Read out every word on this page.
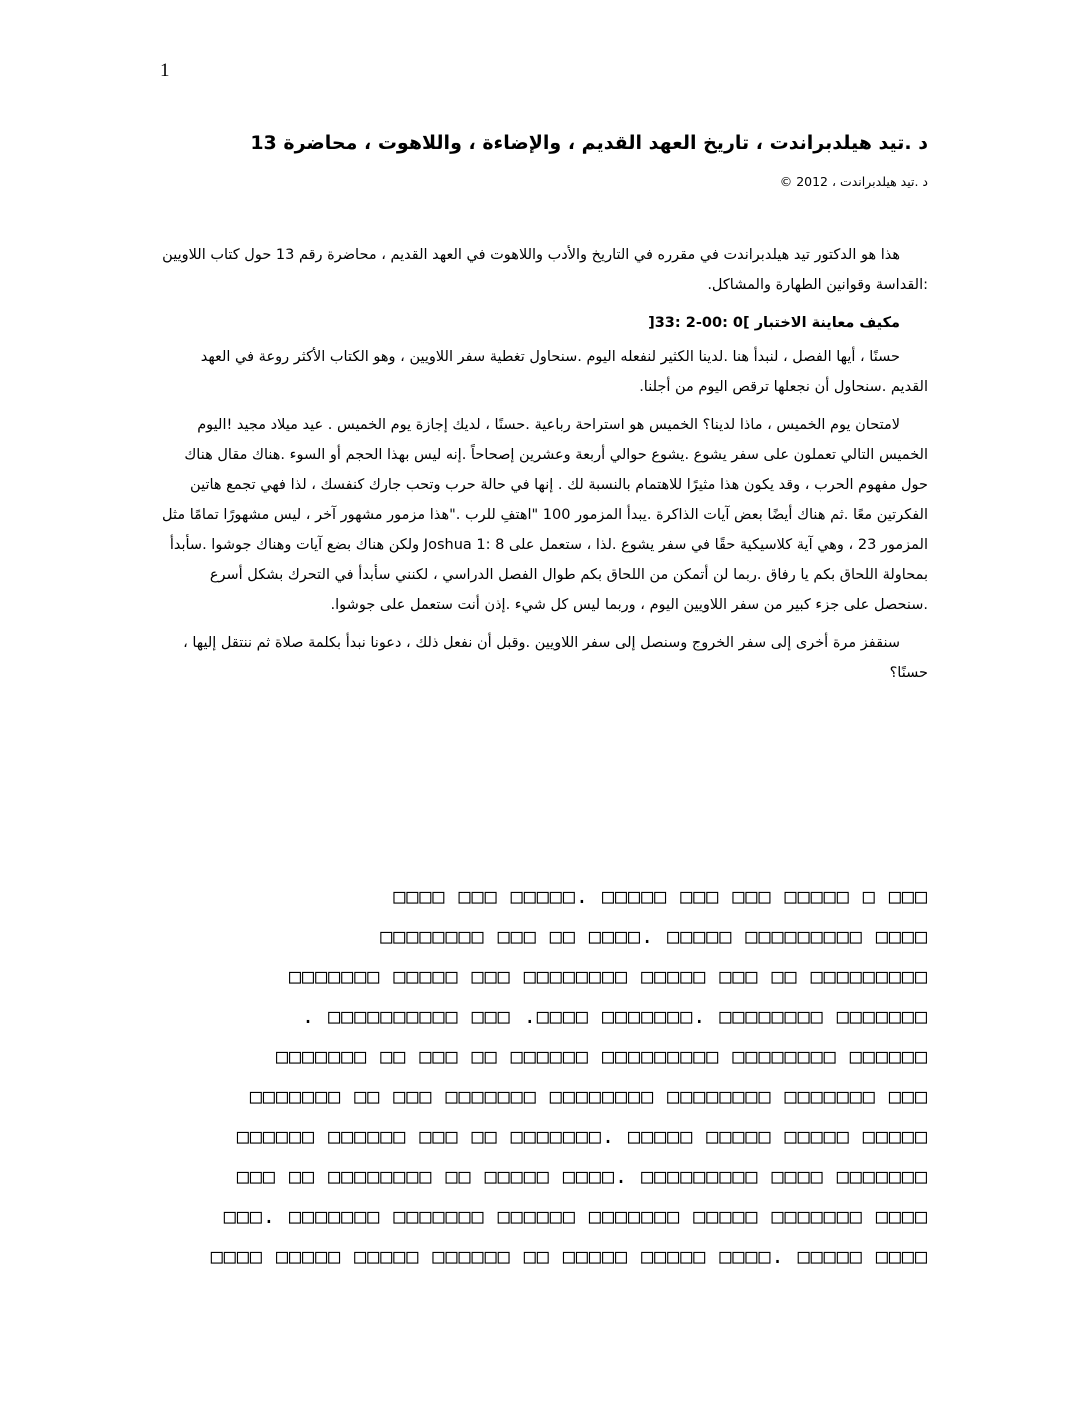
1
د .تيد هيلدبراندت ، تاريخ العهد القديم ، والإضاءة ، واللاهوت ، محاضرة 13
د .تيد هيلدبراندت ، 2012 ©

هذا هو الدكتور تيد هيلدبراندت في مقرره في التاريخ والأدب واللاهوت في العهد القديم ، محاضرة رقم 13 حول كتاب اللاويين :القداسة وقوانين الطهارة والمشاكل.

مكيف معاينة الاختبار ]0 :00-2 :33[

حسنًا ، أيها الفصل ، لنبدأ هنا .لدينا الكثير لنفعله اليوم .سنحاول تغطية سفر اللاويين ، وهو الكتاب الأكثر روعة في العهد القديم .سنحاول أن نجعلها ترقص اليوم من أجلنا.

لامتحان يوم الخميس ، ماذا لدينا؟ الخميس هو استراحة رباعية .حسنًا ، لديك إجازة يوم الخميس . عيد ميلاد مجيد !اليوم الخميس التالي تعملون على سفر يشوع .يشوع حوالي أربعة وعشرين إصحاحاً .إنه ليس بهذا الحجم أو السوء .هناك مقال هناك حول مفهوم الحرب ، وقد يكون هذا مثيرًا للاهتمام بالنسبة لك . إنها في حالة حرب وتحب جارك كنفسك ، لذا فهي تجمع هاتين الفكرتين معًا .ثم هناك أيضًا بعض آيات الذاكرة .يبدأ المزمور 100 "اهتفِ للرب ."هذا مزمور مشهور آخر ، ليس مشهورًا تمامًا مثل المزمور 23 ، وهي آية كلاسيكية حقًا في سفر يشوع .لذا ، ستعمل على Joshua 1: 8 ولكن هناك بضع آيات وهناك جوشوا .سأبدأ بمحاولة اللحاق بكم يا رفاق .ربما لن أتمكن من اللحاق بكم طوال الفصل الدراسي ، لكنني سأبدأ في التحرك بشكل أسرع .سنحصل على جزء كبير من سفر اللاويين اليوم ، وربما ليس كل شيء .إذن أنت ستعمل على جوشوا.

سنقفز مرة أخرى إلى سفر الخروج وسنصل إلى سفر اللاويين .وقبل أن نفعل ذلك ، دعونا نبدأ بكلمة صلاة ثم ننتقل إليها ، حسنًا؟

□□□□ □□□ □□□□□. □□□□□ □□□ □□□ □□□□□ □ □□□
□□□□□□□□ □□□ □□ □□□□. □□□□□ □□□□□□□□□ □□□□
□□□□□□□ □□□□□ □□□ □□□□□□□□ □□□□□ □□□ □□ □□□□□□□□□
. □□□□□□□□□□ □□□ .□□□□ □□□□□□□. □□□□□□□□ □□□□□□□
□□□□□□□ □□ □□□ □□ □□□□□□ □□□□□□□□□ □□□□□□□□ □□□□□□
□□□□□□□ □□ □□□ □□□□□□□ □□□□□□□□ □□□□□□□□ □□□□□□□ □□□
□□□□□□ □□□□□□ □□□ □□ □□□□□□□. □□□□□ □□□□□ □□□□□ □□□□□
□□□ □□ □□□□□□□□ □□ □□□□□ □□□□. □□□□□□□□□ □□□□ □□□□□□□
□□□. □□□□□□□ □□□□□□□ □□□□□□ □□□□□□□ □□□□□ □□□□□□□ □□□□
□□□□ □□□□□ □□□□□ □□□□□□ □□ □□□□□ □□□□□ □□□□. □□□□□ □□□□
